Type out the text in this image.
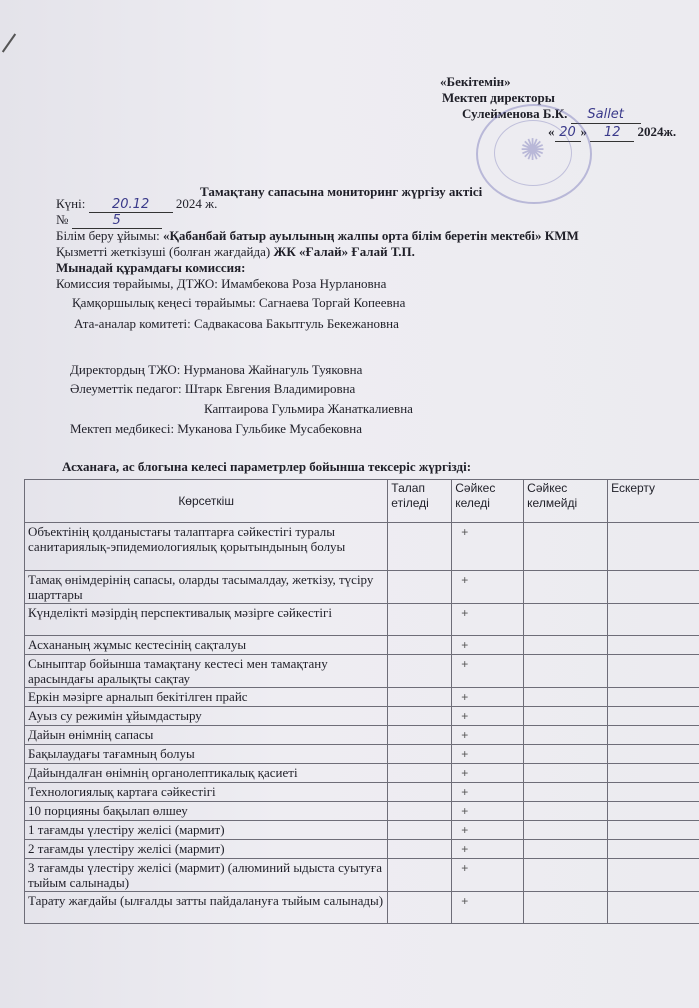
«Бекітемін»
Мектеп директоры
Сулейменова Б.К. Sallet
« 20 » 12 2024ж.
✺
Тамақтану сапасына мониторинг жүргізу актісі
Күні: 20.12 2024 ж.
№	5
Білім беру ұйымы: «Қабанбай батыр ауылының жалпы орта білім беретін мектебі» КММ
Қызметті жеткізуші (болған жағдайда) ЖК «Ғалай» Ғалай Т.П.
Мынадай құрамдағы комиссия:
Комиссия төрайымы, ДТЖО: Имамбекова Роза Нурлановна
Қамқоршылық кеңесі төрайымы: Сагнаева Торгай Копеевна
Ата-аналар комитеті: Садвакасова Бакытгуль Бекежановна
Директордың ТЖО: Нурманова Жайнагуль Туяковна
Әлеуметтік педагог: Штарк Евгения Владимировна
Каптаирова Гульмира Жанаткалиевна
Мектеп медбикесі: Муканова Гульбике Мусабековна
Асханаға, ас блогына келесі параметрлер бойынша тексеріс жүргізді:
Көрсеткіш	Талап етіледі	Сәйкес келеді	Сәйкес келмейді	Ескерту
Объектінің қолданыстағы талаптарға сәйкестігі туралы санитариялық-эпидемиологиялық қорытындының болуы		+		
Тамақ өнімдерінің сапасы, оларды тасымалдау, жеткізу, түсіру шарттары		+		
Күнделікті мәзірдің перспективалық мәзірге сәйкестігі		+		
Асхананың жұмыс кестесінің сақталуы		+		
Сыныптар бойынша тамақтану кестесі мен тамақтану арасындағы аралықты сақтау		+		
Еркін мәзірге арналып бекітілген прайс		+		
Ауыз су режимін ұйымдастыру		+		
Дайын өнімнің сапасы		+		
Бақылаудағы тағамның болуы		+		
Дайындалған өнімнің органолептикалық қасиеті		+		
Технологиялық картаға сәйкестігі		+		
10 порцияны бақылап өлшеу		+		
1 тағамды үлестіру желісі (мармит)		+		
2 тағамды үлестіру желісі (мармит)		+		
3 тағамды үлестіру желісі (мармит) (алюминий ыдыста суытуға тыйым салынады)		+		
Тарату жағдайы (ылғалды затты пайдалануға тыйым салынады)		+		
